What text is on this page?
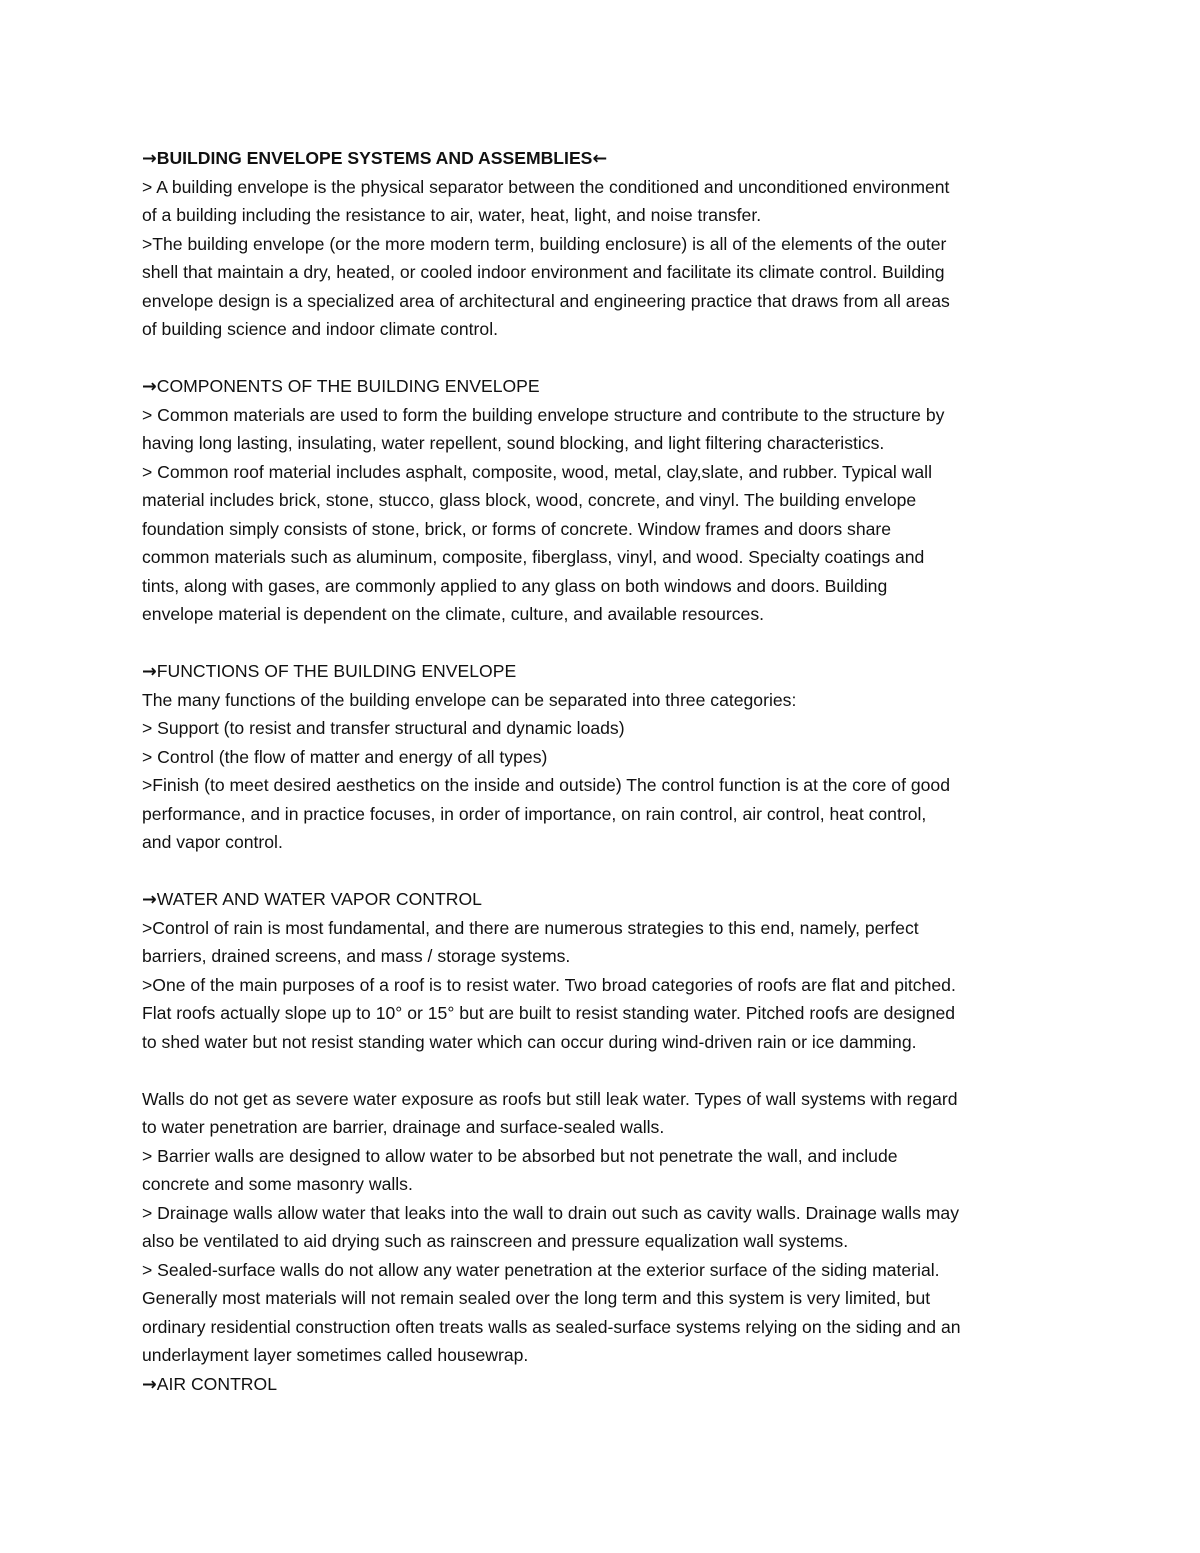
→BUILDING ENVELOPE SYSTEMS AND ASSEMBLIES←
> A building envelope is the physical separator between the conditioned and unconditioned environment
of a building including the resistance to air, water, heat, light, and noise transfer.
>The building envelope (or the more modern term, building enclosure) is all of the elements of the outer
shell that maintain a dry, heated, or cooled indoor environment and facilitate its climate control. Building
envelope design is a specialized area of architectural and engineering practice that draws from all areas
of building science and indoor climate control.
→COMPONENTS OF THE BUILDING ENVELOPE
> Common materials are used to form the building envelope structure and contribute to the structure by
having long lasting, insulating, water repellent, sound blocking, and light filtering characteristics.
> Common roof material includes asphalt, composite, wood, metal, clay,slate, and rubber. Typical wall
material includes brick, stone, stucco, glass block, wood, concrete, and vinyl. The building envelope
foundation simply consists of stone, brick, or forms of concrete. Window frames and doors share
common materials such as aluminum, composite, fiberglass, vinyl, and wood. Specialty coatings and
tints, along with gases, are commonly applied to any glass on both windows and doors. Building
envelope material is dependent on the climate, culture, and available resources.
→FUNCTIONS OF THE BUILDING ENVELOPE
The many functions of the building envelope can be separated into three categories:
> Support (to resist and transfer structural and dynamic loads)
> Control (the flow of matter and energy of all types)
>Finish (to meet desired aesthetics on the inside and outside) The control function is at the core of good
performance, and in practice focuses, in order of importance, on rain control, air control, heat control,
and vapor control.
→WATER AND WATER VAPOR CONTROL
>Control of rain is most fundamental, and there are numerous strategies to this end, namely, perfect
barriers, drained screens, and mass / storage systems.
>One of the main purposes of a roof is to resist water. Two broad categories of roofs are flat and pitched.
Flat roofs actually slope up to 10° or 15° but are built to resist standing water. Pitched roofs are designed
to shed water but not resist standing water which can occur during wind-driven rain or ice damming.
Walls do not get as severe water exposure as roofs but still leak water. Types of wall systems with regard
to water penetration are barrier, drainage and surface-sealed walls.
> Barrier walls are designed to allow water to be absorbed but not penetrate the wall, and include
concrete and some masonry walls.
> Drainage walls allow water that leaks into the wall to drain out such as cavity walls. Drainage walls may
also be ventilated to aid drying such as rainscreen and pressure equalization wall systems.
> Sealed-surface walls do not allow any water penetration at the exterior surface of the siding material.
Generally most materials will not remain sealed over the long term and this system is very limited, but
ordinary residential construction often treats walls as sealed-surface systems relying on the siding and an
underlayment layer sometimes called housewrap.
→AIR CONTROL
